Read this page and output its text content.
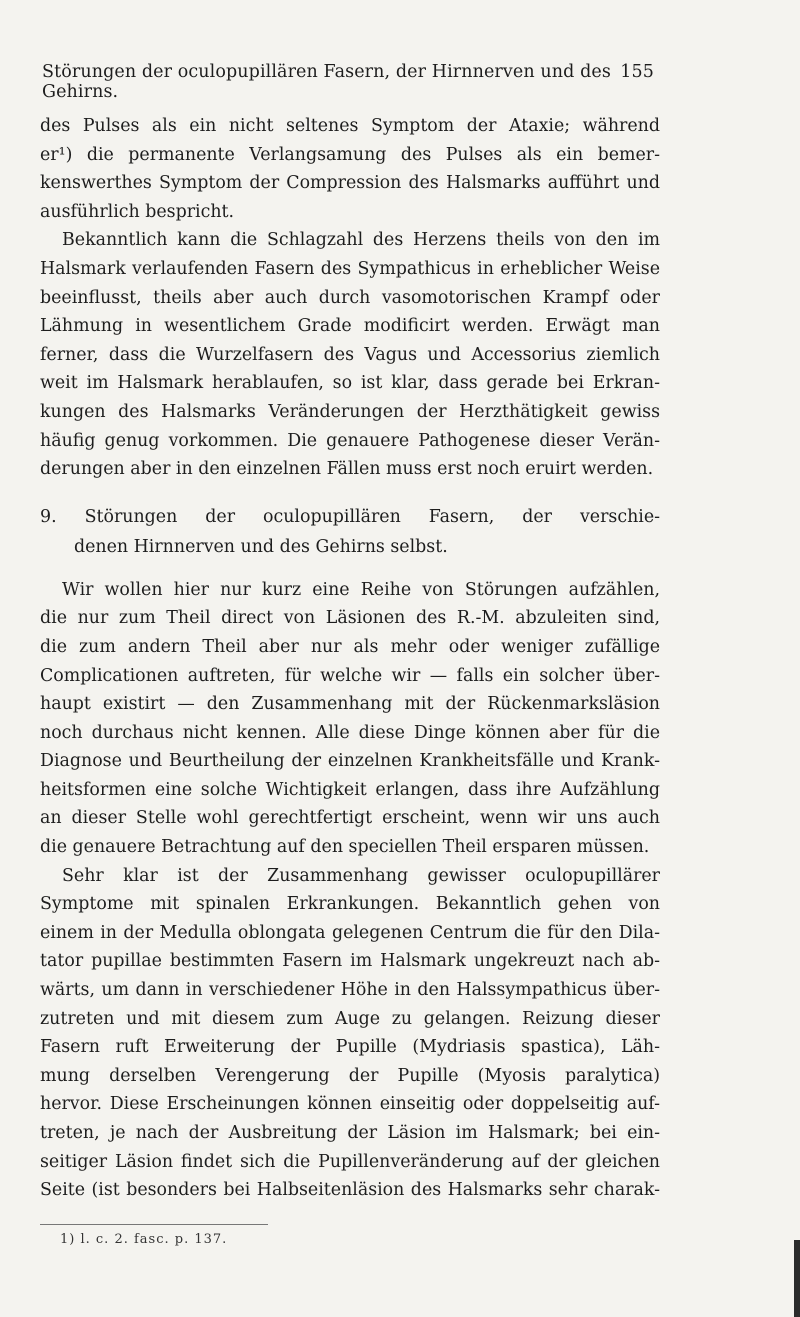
Störungen der oculopupillären Fasern, der Hirnnerven und des Gehirns.
155
des Pulses als ein nicht seltenes Symptom der Ataxie; während
er¹) die permanente Verlangsamung des Pulses als ein bemer-
kenswerthes Symptom der Compression des Halsmarks aufführt und
ausführlich bespricht.
Bekanntlich kann die Schlagzahl des Herzens theils von den im
Halsmark verlaufenden Fasern des Sympathicus in erheblicher Weise
beeinflusst, theils aber auch durch vasomotorischen Krampf oder
Lähmung in wesentlichem Grade modificirt werden. Erwägt man
ferner, dass die Wurzelfasern des Vagus und Accessorius ziemlich
weit im Halsmark herablaufen, so ist klar, dass gerade bei Erkran-
kungen des Halsmarks Veränderungen der Herzthätigkeit gewiss
häufig genug vorkommen. Die genauere Pathogenese dieser Verän-
derungen aber in den einzelnen Fällen muss erst noch eruirt werden.
9. Störungen der oculopupillären Fasern, der verschie-
denen Hirnnerven und des Gehirns selbst.
Wir wollen hier nur kurz eine Reihe von Störungen aufzählen,
die nur zum Theil direct von Läsionen des R.-M. abzuleiten sind,
die zum andern Theil aber nur als mehr oder weniger zufällige
Complicationen auftreten, für welche wir — falls ein solcher über-
haupt existirt — den Zusammenhang mit der Rückenmarksläsion
noch durchaus nicht kennen. Alle diese Dinge können aber für die
Diagnose und Beurtheilung der einzelnen Krankheitsfälle und Krank-
heitsformen eine solche Wichtigkeit erlangen, dass ihre Aufzählung
an dieser Stelle wohl gerechtfertigt erscheint, wenn wir uns auch
die genauere Betrachtung auf den speciellen Theil ersparen müssen.
Sehr klar ist der Zusammenhang gewisser oculopupillärer
Symptome mit spinalen Erkrankungen. Bekanntlich gehen von
einem in der Medulla oblongata gelegenen Centrum die für den Dila-
tator pupillae bestimmten Fasern im Halsmark ungekreuzt nach ab-
wärts, um dann in verschiedener Höhe in den Halssympathicus über-
zutreten und mit diesem zum Auge zu gelangen. Reizung dieser
Fasern ruft Erweiterung der Pupille (Mydriasis spastica), Läh-
mung derselben Verengerung der Pupille (Myosis paralytica)
hervor. Diese Erscheinungen können einseitig oder doppelseitig auf-
treten, je nach der Ausbreitung der Läsion im Halsmark; bei ein-
seitiger Läsion findet sich die Pupillenveränderung auf der gleichen
Seite (ist besonders bei Halbseitenläsion des Halsmarks sehr charak-
1) l. c. 2. fasc. p. 137.
